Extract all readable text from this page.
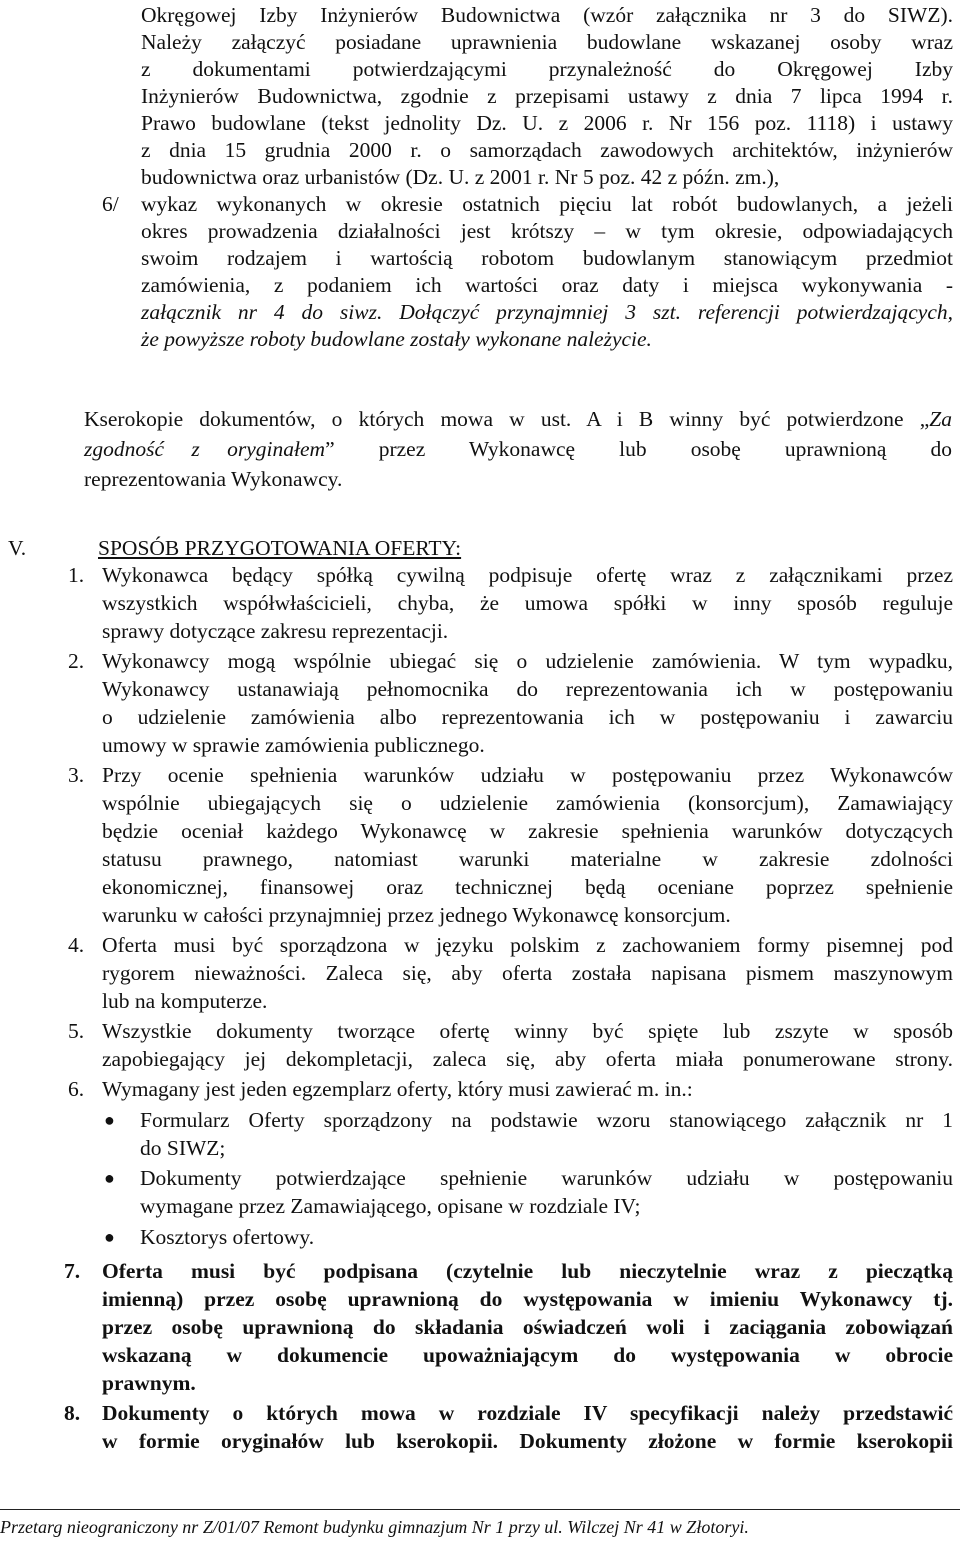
Okręgowej Izby Inżynierów Budownictwa (wzór załącznika nr 3 do SIWZ).
Należy załączyć posiadane uprawnienia budowlane wskazanej osoby wraz
z dokumentami potwierdzającymi przynależność do Okręgowej Izby
Inżynierów Budownictwa, zgodnie z przepisami ustawy z dnia 7 lipca 1994 r.
Prawo budowlane (tekst jednolity Dz. U. z 2006 r. Nr 156 poz. 1118) i ustawy
z dnia 15 grudnia 2000 r. o samorządach zawodowych architektów, inżynierów
budownictwa oraz urbanistów (Dz. U. z 2001 r. Nr 5 poz. 42 z późn. zm.),
6/ wykaz wykonanych w okresie ostatnich pięciu lat robót budowlanych, a jeżeli
okres prowadzenia działalności jest krótszy – w tym okresie, odpowiadających
swoim rodzajem i wartością robotom budowlanym stanowiącym przedmiot
zamówienia, z podaniem ich wartości oraz daty i miejsca wykonywania -
załącznik nr 4 do siwz. Dołączyć przynajmniej 3 szt. referencji potwierdzających,
że powyższe roboty budowlane zostały wykonane należycie.
Kserokopie dokumentów, o których mowa w ust. A i B winny być potwierdzone „ Za
zgodność z oryginałem ” przez Wykonawcę lub osobę uprawnioną do
reprezentowania Wykonawcy.
V.	SPOSÓB PRZYGOTOWANIA OFERTY:
1. Wykonawca będący spółką cywilną podpisuje ofertę wraz z załącznikami przez
wszystkich współwłaścicieli, chyba, że umowa spółki w inny sposób reguluje
sprawy dotyczące zakresu reprezentacji.
2. Wykonawcy mogą wspólnie ubiegać się o udzielenie zamówienia. W tym wypadku,
Wykonawcy ustanawiają pełnomocnika do reprezentowania ich w postępowaniu
o udzielenie zamówienia albo reprezentowania ich w postępowaniu i zawarciu
umowy w sprawie zamówienia publicznego.
3. Przy ocenie spełnienia warunków udziału w postępowaniu przez Wykonawców
wspólnie ubiegających się o udzielenie zamówienia (konsorcjum), Zamawiający
będzie oceniał każdego Wykonawcę w zakresie spełnienia warunków dotyczących
statusu prawnego, natomiast warunki materialne w zakresie zdolności
ekonomicznej, finansowej oraz technicznej będą oceniane poprzez spełnienie
warunku w całości przynajmniej przez jednego Wykonawcę konsorcjum.
4. Oferta musi być sporządzona w języku polskim z zachowaniem formy pisemnej pod
rygorem nieważności. Zaleca się, aby oferta została napisana pismem maszynowym
lub na komputerze.
5. Wszystkie dokumenty tworzące ofertę winny być spięte lub zszyte w sposób
zapobiegający jej dekompletacji, zaleca się, aby oferta miała ponumerowane strony.
6. Wymagany jest jeden egzemplarz oferty, który musi zawierać m. in.:
● Formularz Oferty sporządzony na podstawie wzoru stanowiącego załącznik nr 1
do SIWZ;
● Dokumenty potwierdzające spełnienie warunków udziału w postępowaniu
wymagane przez Zamawiającego, opisane w rozdziale IV;
● Kosztorys ofertowy.
7. Oferta musi być podpisana (czytelnie lub nieczytelnie wraz z pieczątką
imienną) przez osobę uprawnioną do występowania w imieniu Wykonawcy tj.
przez osobę uprawnioną do składania oświadczeń woli i zaciągania zobowiązań
wskazaną w dokumencie upoważniającym do występowania w obrocie
prawnym.
8. Dokumenty o których mowa w rozdziale IV specyfikacji należy przedstawić
w formie oryginałów lub kserokopii. Dokumenty złożone w formie kserokopii
Przetarg nieograniczony nr Z/01/07 Remont budynku gimnazjum Nr 1 przy ul. Wilczej Nr 41 w Złotoryi.
